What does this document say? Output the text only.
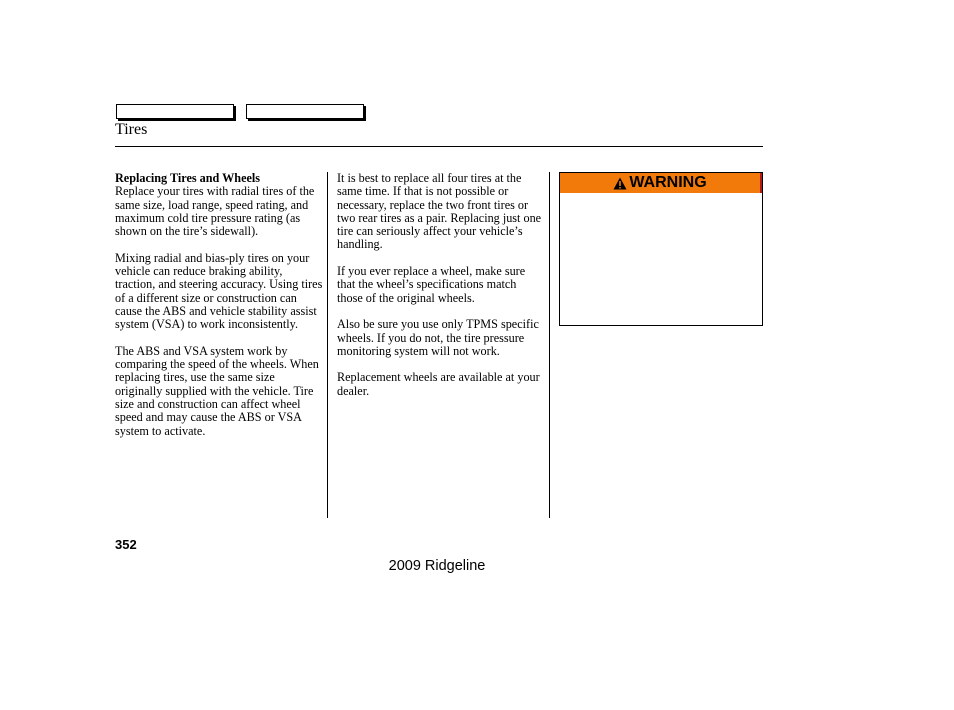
Tires

Replacing Tires and Wheels
Replace your tires with radial tires of the same size, load range, speed rating, and maximum cold tire pressure rating (as shown on the tire’s sidewall).

Mixing radial and bias-ply tires on your vehicle can reduce braking ability, traction, and steering accuracy. Using tires of a different size or construction can cause the ABS and vehicle stability assist system (VSA) to work inconsistently.

The ABS and VSA system work by comparing the speed of the wheels. When replacing tires, use the same size originally supplied with the vehicle. Tire size and construction can affect wheel speed and may cause the ABS or VSA system to activate.

It is best to replace all four tires at the same time. If that is not possible or necessary, replace the two front tires or two rear tires as a pair. Replacing just one tire can seriously affect your vehicle’s handling.

If you ever replace a wheel, make sure that the wheel’s specifications match those of the original wheels.

Also be sure you use only TPMS specific wheels. If you do not, the tire pressure monitoring system will not work.

Replacement wheels are available at your dealer.

WARNING
352
2009 Ridgeline
